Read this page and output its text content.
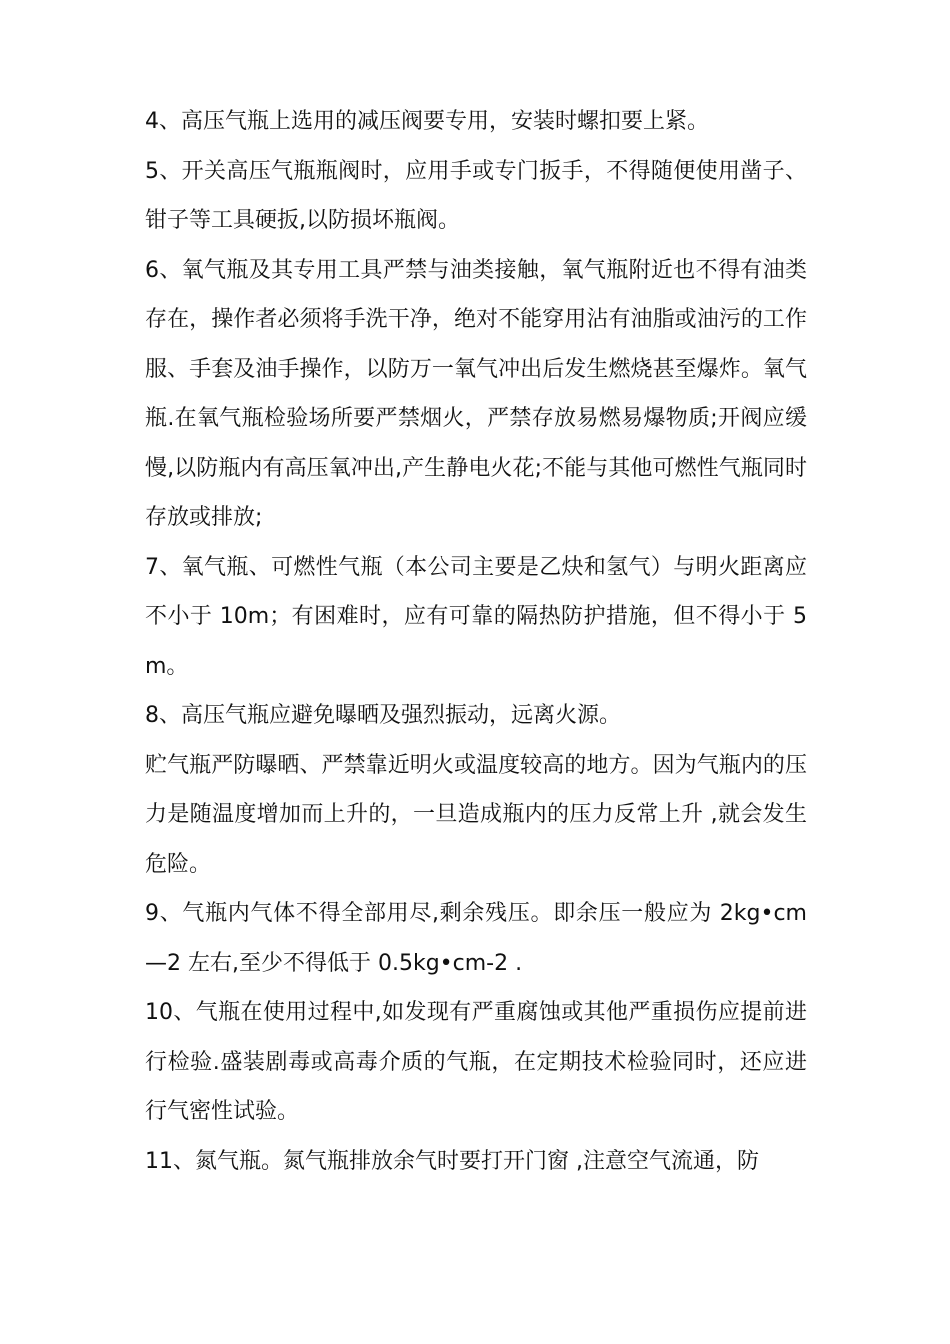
4、高压气瓶上选用的减压阀要专用，安装时螺扣要上紧。

5、开关高压气瓶瓶阀时，应用手或专门扳手，不得随便使用凿子、钳子等工具硬扳,以防损坏瓶阀。

6、氧气瓶及其专用工具严禁与油类接触，氧气瓶附近也不得有油类存在，操作者必须将手洗干净，绝对不能穿用沾有油脂或油污的工作服、手套及油手操作，以防万一氧气冲出后发生燃烧甚至爆炸。氧气瓶.在氧气瓶检验场所要严禁烟火，严禁存放易燃易爆物质;开阀应缓慢,以防瓶内有高压氧冲出,产生静电火花;不能与其他可燃性气瓶同时存放或排放;

7、氧气瓶、可燃性气瓶（本公司主要是乙炔和氢气）与明火距离应不小于 10m；有困难时，应有可靠的隔热防护措施，但不得小于 5m。

8、高压气瓶应避免曝晒及强烈振动，远离火源。

贮气瓶严防曝晒、严禁靠近明火或温度较高的地方。因为气瓶内的压力是随温度增加而上升的，一旦造成瓶内的压力反常上升 ,就会发生危险。

9、气瓶内气体不得全部用尽,剩余残压。即余压一般应为 2kg•cm—2 左右,至少不得低于 0.5kg•cm-2 .

10、气瓶在使用过程中,如发现有严重腐蚀或其他严重损伤应提前进行检验.盛装剧毒或高毒介质的气瓶，在定期技术检验同时，还应进行气密性试验。

11、氮气瓶。氮气瓶排放余气时要打开门窗 ,注意空气流通，防
